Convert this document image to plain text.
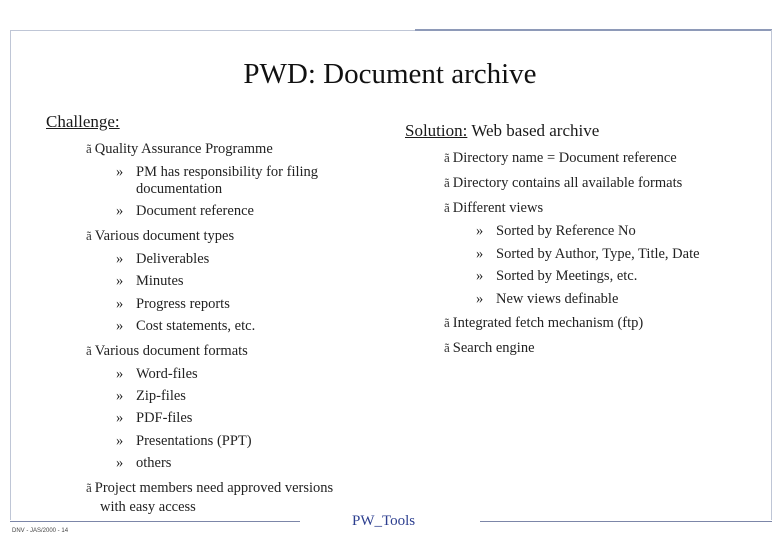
PWD: Document archive
Challenge:
ã Quality Assurance Programme
» PM has responsibility for filing
documentation
» Document reference
ã Various document types
» Deliverables
» Minutes
» Progress reports
» Cost statements, etc.
ã Various document formats
» Word-files
» Zip-files
» PDF-files
» Presentations (PPT)
» others
ã Project members need approved versions
with easy access
Solution: Web based archive
ã Directory name = Document reference
ã Directory contains all available formats
ã Different views
» Sorted by Reference No
» Sorted by Author, Type, Title, Date
» Sorted by Meetings, etc.
» New views definable
ã Integrated fetch mechanism (ftp)
ã Search engine
DNV - JAS/2000 - 14
PW_Tools
